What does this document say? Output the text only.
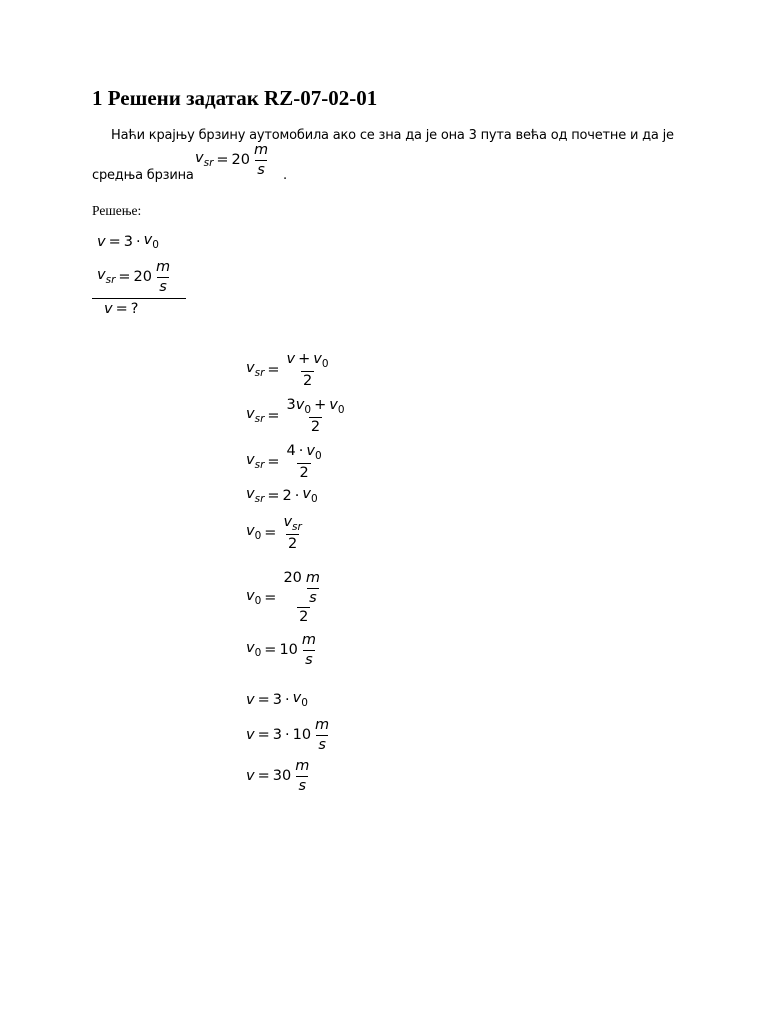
1 Решени задатак RZ-07-02-01
Наћи крајњу брзину аутомобила ако се зна да је она 3 пута већа од почетне и да је
средња брзина	.
Решење:
$v_{sr} = 20 \frac{m}{s}$
$v = 3 \cdot v_0$
$v_{sr} = 20 \frac{m}{s}$
v = ?
$v_{sr} = \frac{v + v_0}{2}$
$v_{sr} = \frac{3v_0 + v_0}{2}$
$v_{sr} = \frac{4 \cdot v_0}{2}$
$v_{sr} = 2 \cdot v_0$
$v_0 = \frac{v_{sr}}{2}$
$v_0 = \frac{20 \frac{m}{s}}{2}$
$v_0 = 10 \frac{m}{s}$
$v = 3 \cdot v_0$
$v = 3 \cdot 10 \frac{m}{s}$
$v = 30 \frac{m}{s}$
